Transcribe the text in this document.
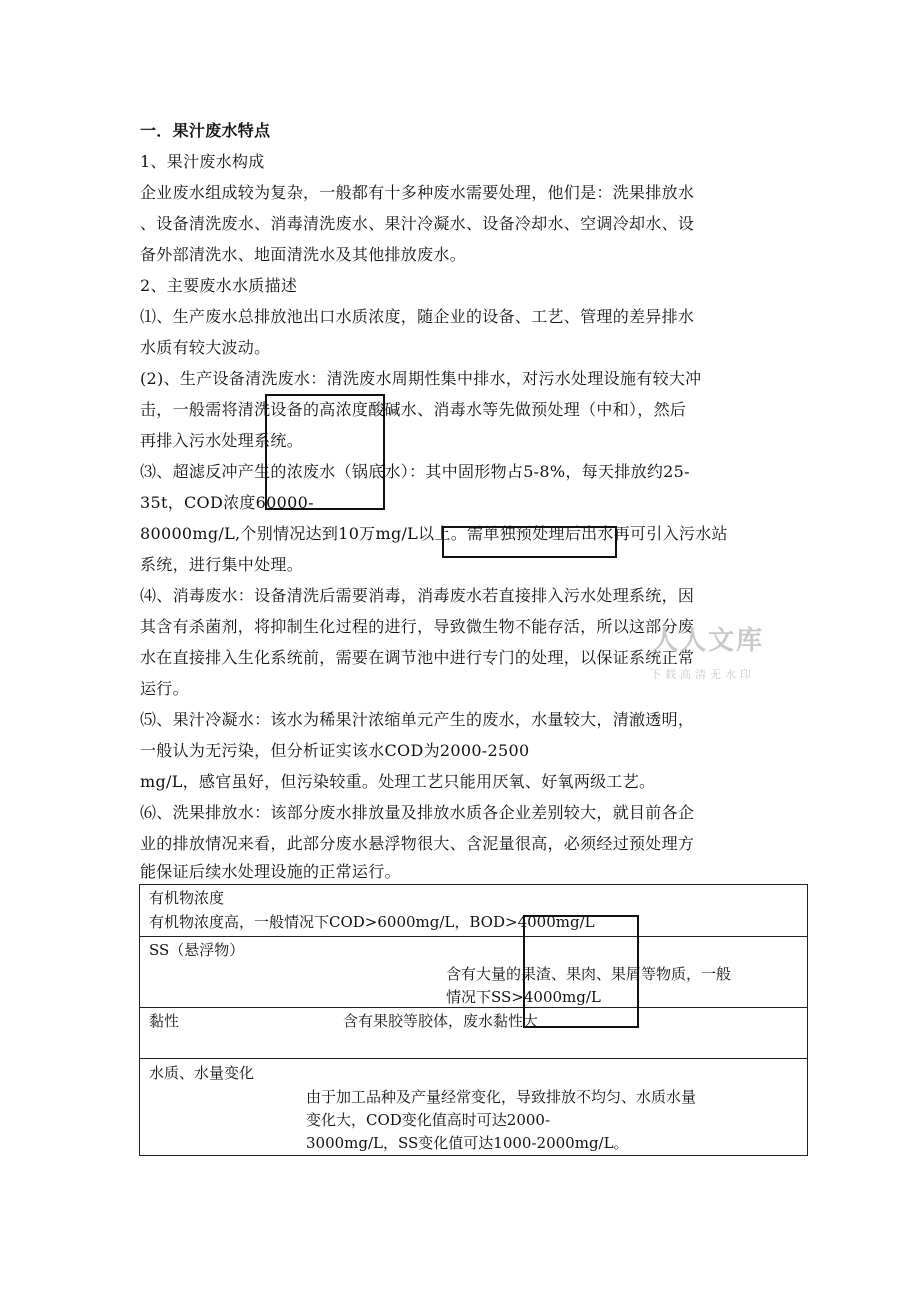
一．果汁废水特点
1、果汁废水构成
企业废水组成较为复杂，一般都有十多种废水需要处理，他们是：洗果排放水
、设备清洗废水、消毒清洗废水、果汁冷凝水、设备冷却水、空调冷却水、设
备外部清洗水、地面清洗水及其他排放废水。
2、主要废水水质描述
⑴、生产废水总排放池出口水质浓度，随企业的设备、工艺、管理的差异排水
水质有较大波动。
(2)、生产设备清洗废水：清洗废水周期性集中排水，对污水处理设施有较大冲
击，一般需将清洗设备的高浓度酸碱水、消毒水等先做预处理（中和），然后
再排入污水处理系统。
⑶、超滤反冲产生的浓废水（锅底水）：其中固形物占5-8%，每天排放约25-
35t，COD浓度60000-
80000mg/L,个别情况达到10万mg/L以上。需单独预处理后出水再可引入污水站
系统，进行集中处理。
⑷、消毒废水：设备清洗后需要消毒，消毒废水若直接排入污水处理系统，因
其含有杀菌剂，将抑制生化过程的进行，导致微生物不能存活，所以这部分废
水在直接排入生化系统前，需要在调节池中进行专门的处理，以保证系统正常
运行。
⑸、果汁冷凝水：该水为稀果汁浓缩单元产生的废水，水量较大，清澈透明，
一般认为无污染，但分析证实该水COD为2000-2500
mg/L，感官虽好，但污染较重。处理工艺只能用厌氧、好氧两级工艺。
⑹、洗果排放水：该部分废水排放量及排放水质各企业差别较大，就目前各企
业的排放情况来看，此部分废水悬浮物很大、含泥量很高，必须经过预处理方
能保证后续水处理设施的正常运行。
有机物浓度
有机物浓度高，一般情况下COD>6000mg/L，BOD>4000mg/L
SS（悬浮物）
含有大量的果渣、果肉、果屑等物质，一般
情况下SS>4000mg/L
黏性	含有果胶等胶体，废水黏性大
水质、水量变化
由于加工品种及产量经常变化，导致排放不均匀、水质水量
变化大，COD变化值高时可达2000-
3000mg/L，SS变化值可达1000-2000mg/L。
人人文库
下载高清无水印
